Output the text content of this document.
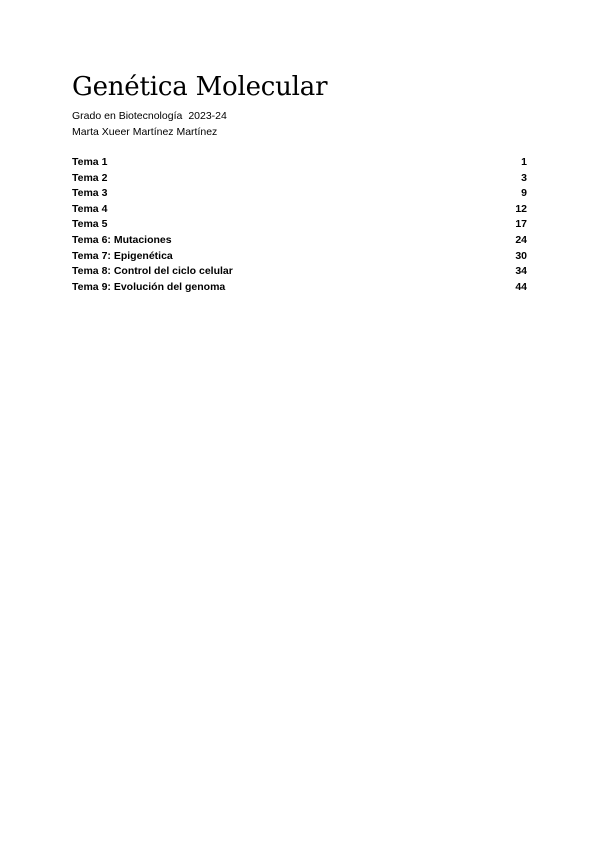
Genética Molecular
Grado en Biotecnología 2023-24
Marta Xueer Martínez Martínez
Tema 1	1
Tema 2	3
Tema 3	9
Tema 4	12
Tema 5	17
Tema 6: Mutaciones	24
Tema 7: Epigenética	30
Tema 8: Control del ciclo celular	34
Tema 9: Evolución del genoma	44
